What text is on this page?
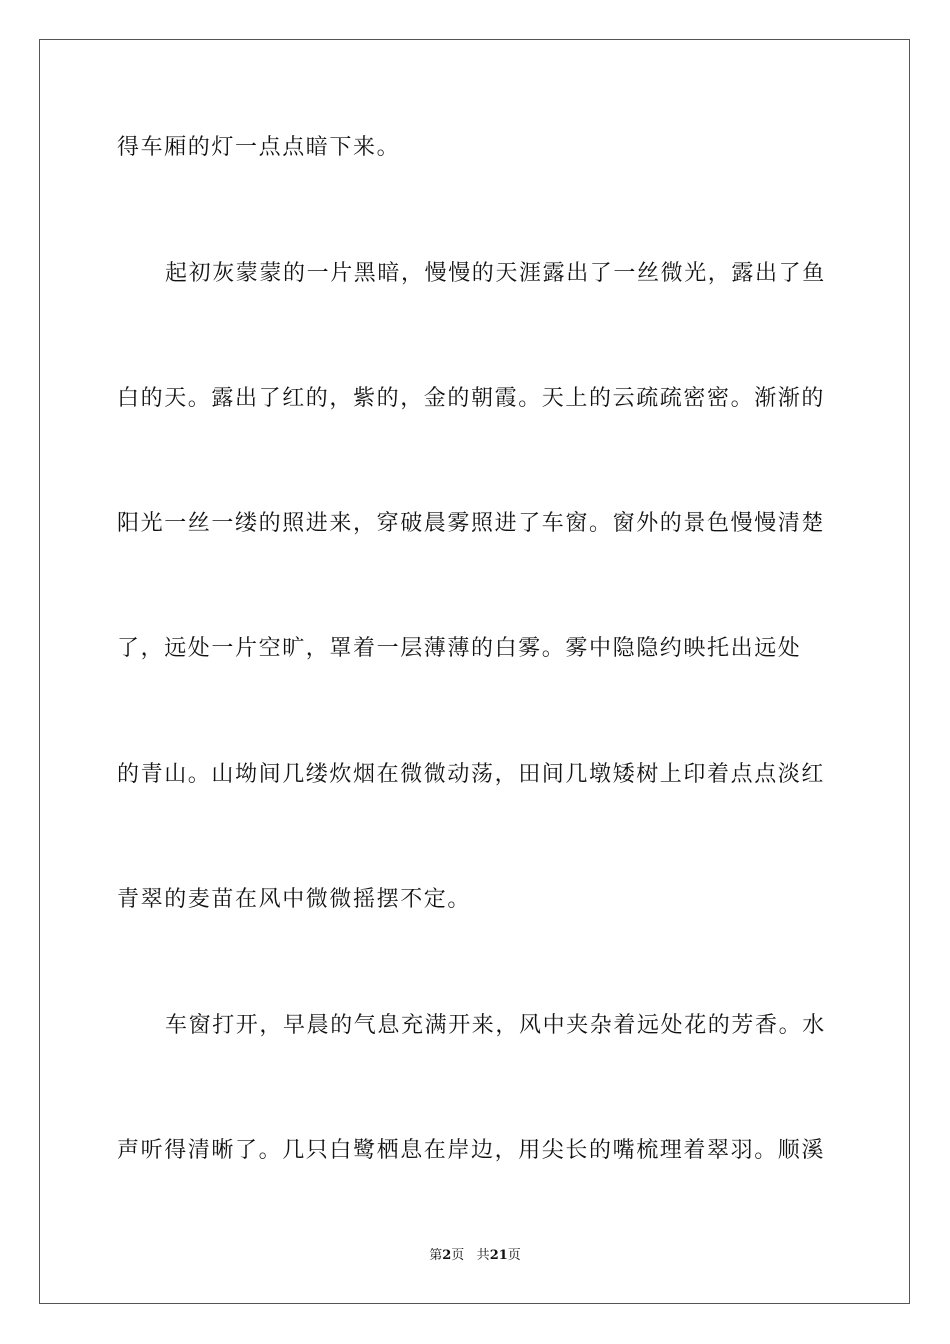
得车厢的灯一点点暗下来。
起初灰蒙蒙的一片黑暗，慢慢的天涯露出了一丝微光，露出了鱼
白的天。露出了红的，紫的，金的朝霞。天上的云疏疏密密。渐渐的
阳光一丝一缕的照进来，穿破晨雾照进了车窗。窗外的景色慢慢清楚
了，远处一片空旷，罩着一层薄薄的白雾。雾中隐隐约映托出远处
的青山。山坳间几缕炊烟在微微动荡，田间几墩矮树上印着点点淡红
青翠的麦苗在风中微微摇摆不定。
车窗打开，早晨的气息充满开来，风中夹杂着远处花的芳香。水
声听得清晰了。几只白鹭栖息在岸边，用尖长的嘴梳理着翠羽。顺溪
第2页 共21页
